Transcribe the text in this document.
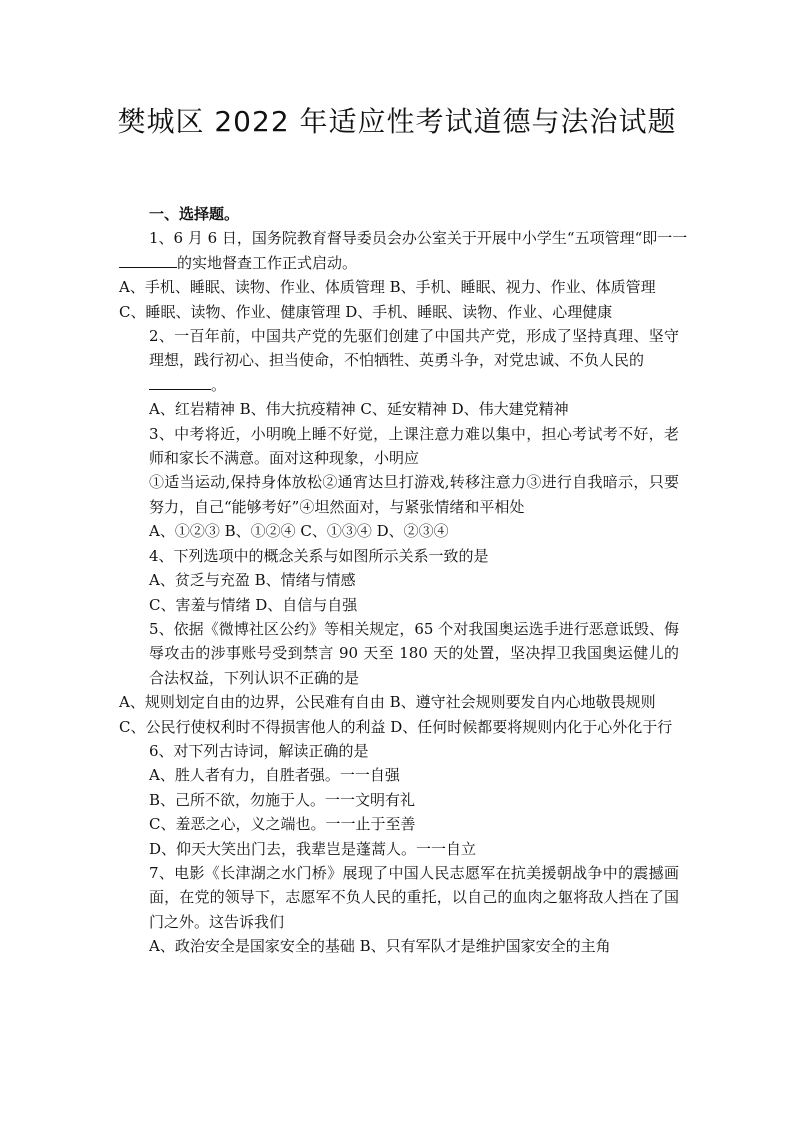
樊城区 2022 年适应性考试道德与法治试题

一、选择题。

1、6 月 6 日，国务院教育督导委员会办公室关于开展中小学生“五项管理“即一一

的实地督查工作正式启动。

A、手机、睡眠、读物、作业、体质管理 B、手机、睡眠、视力、作业、体质管理

C、睡眠、读物、作业、健康管理 D、手机、睡眠、读物、作业、心理健康

2、一百年前，中国共产党的先驱们创建了中国共产党，形成了坚持真理、坚守理想，践行初心、担当使命，不怕牺牲、英勇斗争，对党忠诚、不负人民的
。

A、红岩精神 B、伟大抗疫精神 C、延安精神 D、伟大建党精神

3、中考将近，小明晚上睡不好觉，上课注意力难以集中，担心考试考不好，老师和家长不满意。面对这种现象，小明应

①适当运动,保持身体放松②通宵达旦打游戏,转移注意力③进行自我暗示，只要努力，自己“能够考好”④坦然面对，与紧张情绪和平相处

A、①②③ B、①②④ C、①③④ D、②③④

4、下列选项中的概念关系与如图所示关系一致的是

A、贫乏与充盈 B、情绪与情感

C、害羞与情绪 D、自信与自强

5、依据《微博社区公约》等相关规定，65 个对我国奥运选手进行恶意诋毁、侮辱攻击的涉事账号受到禁言 90 天至 180 天的处置，坚决捍卫我国奥运健儿的合法权益，下列认识不正确的是

A、规则划定自由的边界，公民难有自由 B、遵守社会规则要发自内心地敬畏规则

C、公民行使权利时不得损害他人的利益 D、任何时候都要将规则内化于心外化于行

6、对下列古诗词，解读正确的是

A、胜人者有力，自胜者强。一一自强

B、己所不欲，勿施于人。一一文明有礼

C、羞恶之心，义之端也。一一止于至善

D、仰天大笑出门去，我辈岂是蓬蒿人。一一自立

7、电影《长津湖之水门桥》展现了中国人民志愿军在抗美援朝战争中的震撼画面，在党的领导下，志愿军不负人民的重托，以自己的血肉之躯将敌人挡在了国门之外。这告诉我们

A、政治安全是国家安全的基础 B、只有军队才是维护国家安全的主角
